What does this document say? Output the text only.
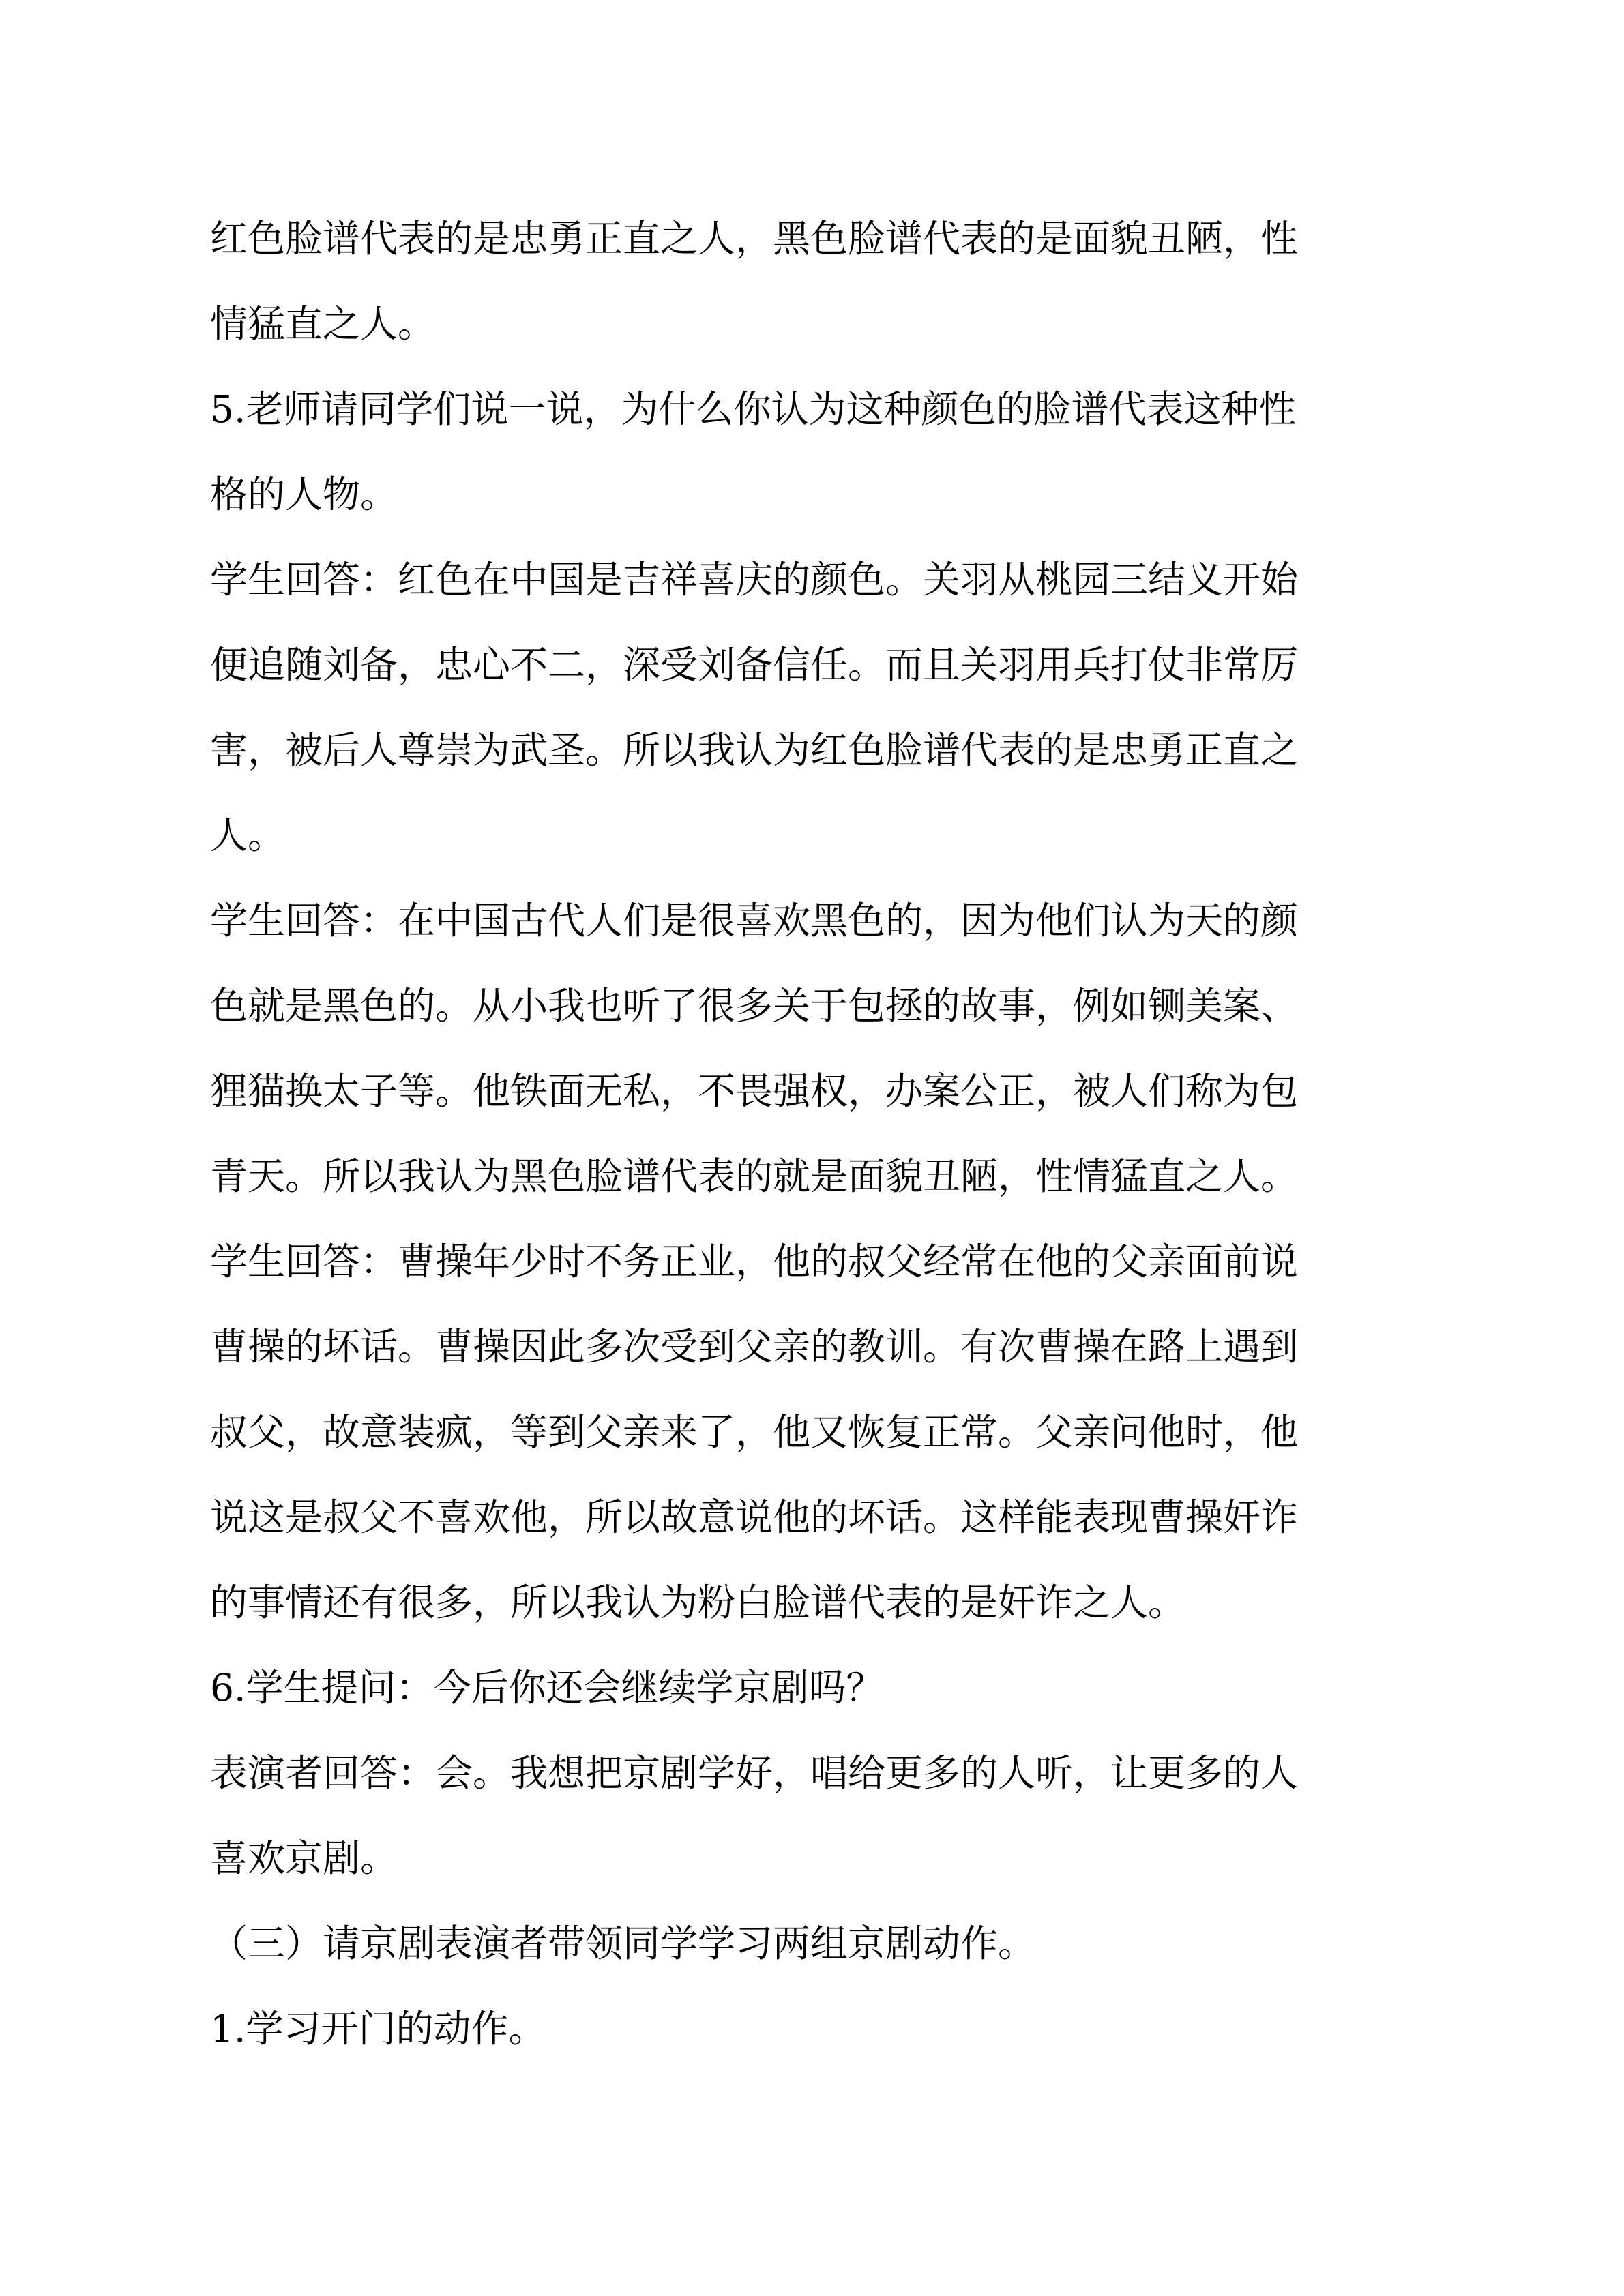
红色脸谱代表的是忠勇正直之人，黑色脸谱代表的是面貌丑陋，性
情猛直之人。
5.老师请同学们说一说，为什么你认为这种颜色的脸谱代表这种性
格的人物。
学生回答：红色在中国是吉祥喜庆的颜色。关羽从桃园三结义开始
便追随刘备，忠心不二，深受刘备信任。而且关羽用兵打仗非常厉
害，被后人尊崇为武圣。所以我认为红色脸谱代表的是忠勇正直之
人。
学生回答：在中国古代人们是很喜欢黑色的，因为他们认为天的颜
色就是黑色的。从小我也听了很多关于包拯的故事，例如铡美案、
狸猫换太子等。他铁面无私，不畏强权，办案公正，被人们称为包
青天。所以我认为黑色脸谱代表的就是面貌丑陋，性情猛直之人。
学生回答：曹操年少时不务正业，他的叔父经常在他的父亲面前说
曹操的坏话。曹操因此多次受到父亲的教训。有次曹操在路上遇到
叔父，故意装疯，等到父亲来了，他又恢复正常。父亲问他时，他
说这是叔父不喜欢他，所以故意说他的坏话。这样能表现曹操奸诈
的事情还有很多，所以我认为粉白脸谱代表的是奸诈之人。
6.学生提问：今后你还会继续学京剧吗？
表演者回答：会。我想把京剧学好，唱给更多的人听，让更多的人
喜欢京剧。
（三）请京剧表演者带领同学学习两组京剧动作。
1.学习开门的动作。
